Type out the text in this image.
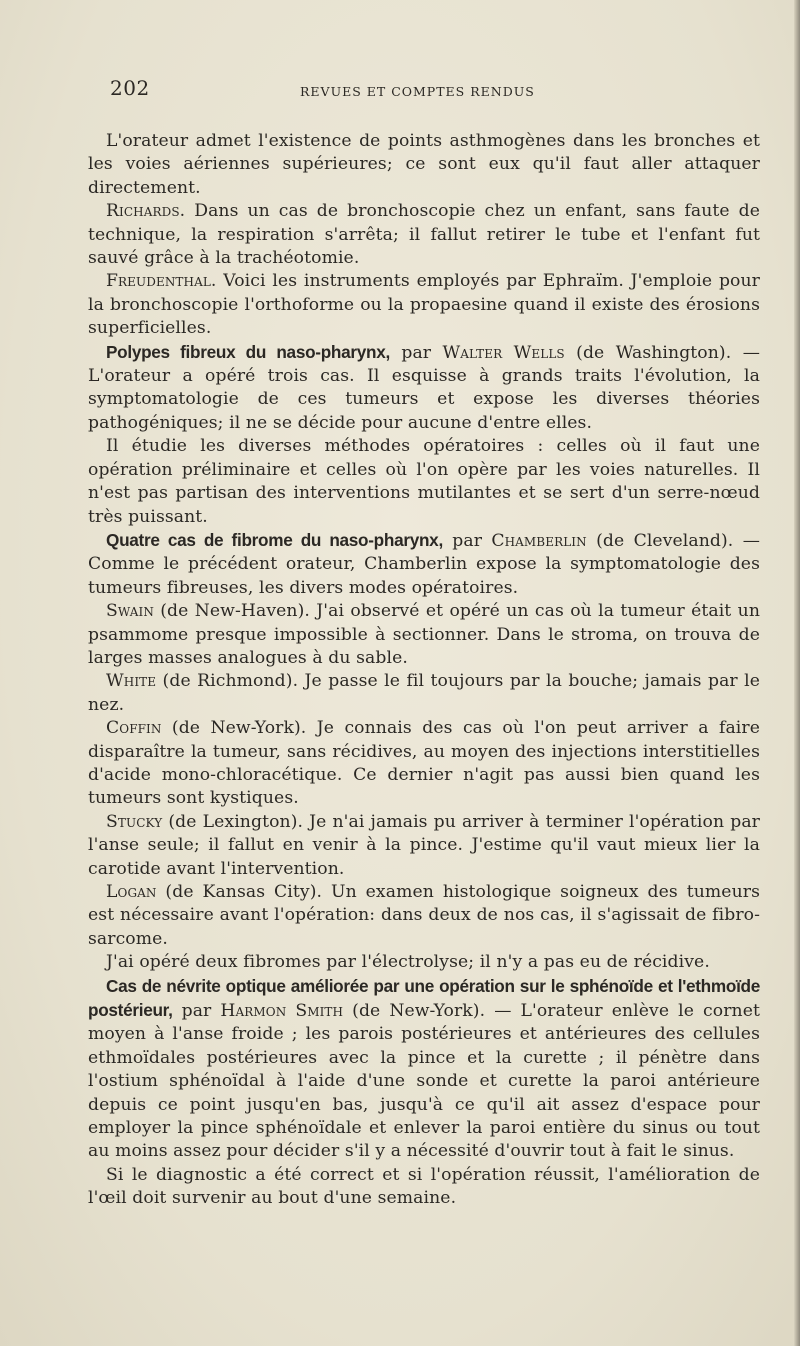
202	REVUES ET COMPTES RENDUS

L'orateur admet l'existence de points asthmogènes dans les bronches et les voies aériennes supérieures; ce sont eux qu'il faut aller attaquer directement.

Richards. Dans un cas de bronchoscopie chez un enfant, sans faute de technique, la respiration s'arrêta; il fallut retirer le tube et l'enfant fut sauvé grâce à la trachéotomie.

Freudenthal. Voici les instruments employés par Ephraïm. J'emploie pour la bronchoscopie l'orthoforme ou la propaesine quand il existe des érosions superficielles.

Polypes fibreux du naso-pharynx, par Walter Wells (de Washington). — L'orateur a opéré trois cas. Il esquisse à grands traits l'évolution, la symptomatologie de ces tumeurs et expose les diverses théories pathogéniques; il ne se décide pour aucune d'entre elles.

Il étudie les diverses méthodes opératoires : celles où il faut une opération préliminaire et celles où l'on opère par les voies naturelles. Il n'est pas partisan des interventions mutilantes et se sert d'un serre-nœud très puissant.

Quatre cas de fibrome du naso-pharynx, par Chamberlin (de Cleveland). — Comme le précédent orateur, Chamberlin expose la symptomatologie des tumeurs fibreuses, les divers modes opératoires.

Swain (de New-Haven). J'ai observé et opéré un cas où la tumeur était un psammome presque impossible à sectionner. Dans le stroma, on trouva de larges masses analogues à du sable.

White (de Richmond). Je passe le fil toujours par la bouche; jamais par le nez.

Coffin (de New-York). Je connais des cas où l'on peut arriver a faire disparaître la tumeur, sans récidives, au moyen des injections interstitielles d'acide mono-chloracétique. Ce dernier n'agit pas aussi bien quand les tumeurs sont kystiques.

Stucky (de Lexington). Je n'ai jamais pu arriver à terminer l'opération par l'anse seule; il fallut en venir à la pince. J'estime qu'il vaut mieux lier la carotide avant l'intervention.

Logan (de Kansas City). Un examen histologique soigneux des tumeurs est nécessaire avant l'opération: dans deux de nos cas, il s'agissait de fibro-sarcome.

J'ai opéré deux fibromes par l'électrolyse; il n'y a pas eu de récidive.

Cas de névrite optique améliorée par une opération sur le sphénoïde et l'ethmoïde postérieur, par Harmon Smith (de New-York). — L'orateur enlève le cornet moyen à l'anse froide ; les parois postérieures et antérieures des cellules ethmoïdales postérieures avec la pince et la curette ; il pénètre dans l'ostium sphénoïdal à l'aide d'une sonde et curette la paroi antérieure depuis ce point jusqu'en bas, jusqu'à ce qu'il ait assez d'espace pour employer la pince sphénoïdale et enlever la paroi entière du sinus ou tout au moins assez pour décider s'il y a nécessité d'ouvrir tout à fait le sinus.

Si le diagnostic a été correct et si l'opération réussit, l'amélioration de l'œil doit survenir au bout d'une semaine.
